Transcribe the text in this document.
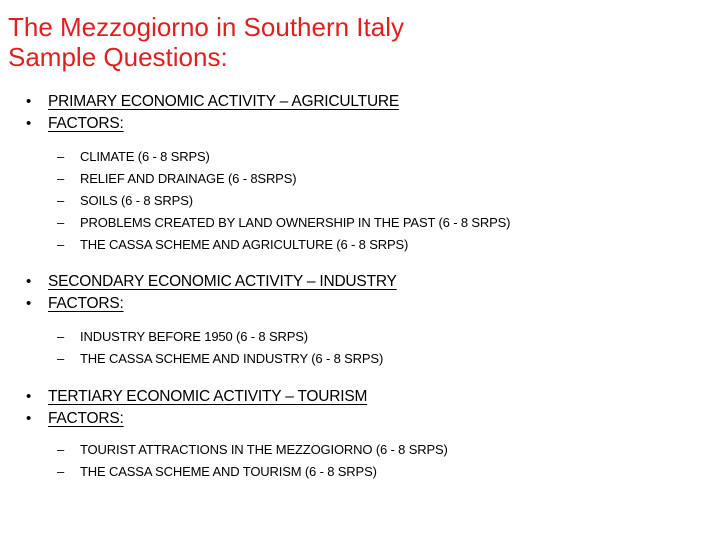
The Mezzogiorno in Southern Italy
Sample Questions:
•	PRIMARY ECONOMIC ACTIVITY – AGRICULTURE
•	FACTORS:
–	CLIMATE (6 - 8 SRPS)
–	RELIEF AND DRAINAGE (6 - 8SRPS)
–	SOILS (6 - 8 SRPS)
–	PROBLEMS CREATED BY LAND OWNERSHIP IN THE PAST (6 - 8 SRPS)
–	THE CASSA SCHEME AND AGRICULTURE (6 - 8 SRPS)
•	SECONDARY ECONOMIC ACTIVITY – INDUSTRY
•	FACTORS:
–	INDUSTRY BEFORE 1950 (6 - 8 SRPS)
–	THE CASSA SCHEME AND INDUSTRY (6 - 8 SRPS)
•	TERTIARY ECONOMIC ACTIVITY – TOURISM
•	FACTORS:
–	TOURIST ATTRACTIONS IN THE MEZZOGIORNO (6 - 8 SRPS)
–	THE CASSA SCHEME AND TOURISM (6 - 8 SRPS)
